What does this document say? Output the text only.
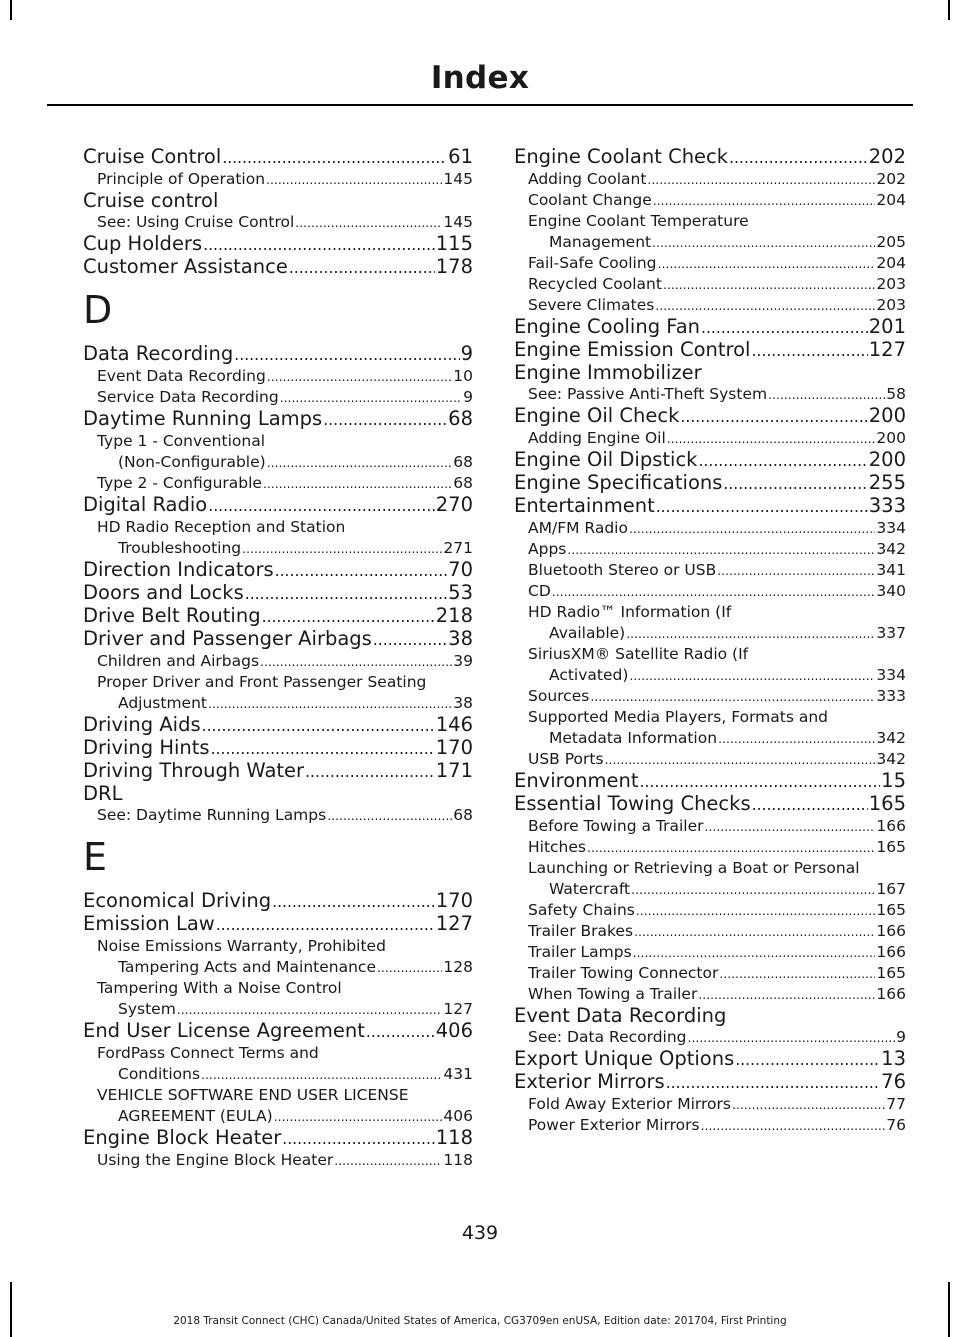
Index
Cruise Control .....	61
Principle of Operation .....	145
Cruise control
See: Using Cruise Control .....	145
Cup Holders .....	115
Customer Assistance .....	178
D
Data Recording .....	9
Event Data Recording .....	10
Service Data Recording .....	9
Daytime Running Lamps .....	68
Type 1 - Conventional
(Non-Configurable) .....	68
Type 2 - Configurable .....	68
Digital Radio .....	270
HD Radio Reception and Station
Troubleshooting .....	271
Direction Indicators .....	70
Doors and Locks .....	53
Drive Belt Routing .....	218
Driver and Passenger Airbags .....	38
Children and Airbags .....	39
Proper Driver and Front Passenger Seating
Adjustment .....	38
Driving Aids .....	146
Driving Hints .....	170
Driving Through Water .....	171
DRL
See: Daytime Running Lamps .....	68
E
Economical Driving .....	170
Emission Law .....	127
Noise Emissions Warranty, Prohibited
Tampering Acts and Maintenance .....	128
Tampering With a Noise Control
System .....	127
End User License Agreement .....	406
FordPass Connect Terms and
Conditions .....	431
VEHICLE SOFTWARE END USER LICENSE
AGREEMENT (EULA) .....	406
Engine Block Heater .....	118
Using the Engine Block Heater .....	118
Engine Coolant Check .....	202
Adding Coolant .....	202
Coolant Change .....	204
Engine Coolant Temperature
Management .....	205
Fail-Safe Cooling .....	204
Recycled Coolant .....	203
Severe Climates .....	203
Engine Cooling Fan .....	201
Engine Emission Control .....	127
Engine Immobilizer
See: Passive Anti-Theft System .....	58
Engine Oil Check .....	200
Adding Engine Oil .....	200
Engine Oil Dipstick .....	200
Engine Specifications .....	255
Entertainment .....	333
AM/FM Radio .....	334
Apps .....	342
Bluetooth Stereo or USB .....	341
CD .....	340
HD Radio™ Information (If
Available) .....	337
SiriusXM® Satellite Radio (If
Activated) .....	334
Sources .....	333
Supported Media Players, Formats and
Metadata Information .....	342
USB Ports .....	342
Environment .....	15
Essential Towing Checks .....	165
Before Towing a Trailer .....	166
Hitches .....	165
Launching or Retrieving a Boat or Personal
Watercraft .....	167
Safety Chains .....	165
Trailer Brakes .....	166
Trailer Lamps .....	166
Trailer Towing Connector .....	165
When Towing a Trailer .....	166
Event Data Recording
See: Data Recording .....	9
Export Unique Options .....	13
Exterior Mirrors .....	76
Fold Away Exterior Mirrors .....	77
Power Exterior Mirrors .....	76
439
2018 Transit Connect (CHC) Canada/United States of America, CG3709en enUSA, Edition date: 201704, First Printing
